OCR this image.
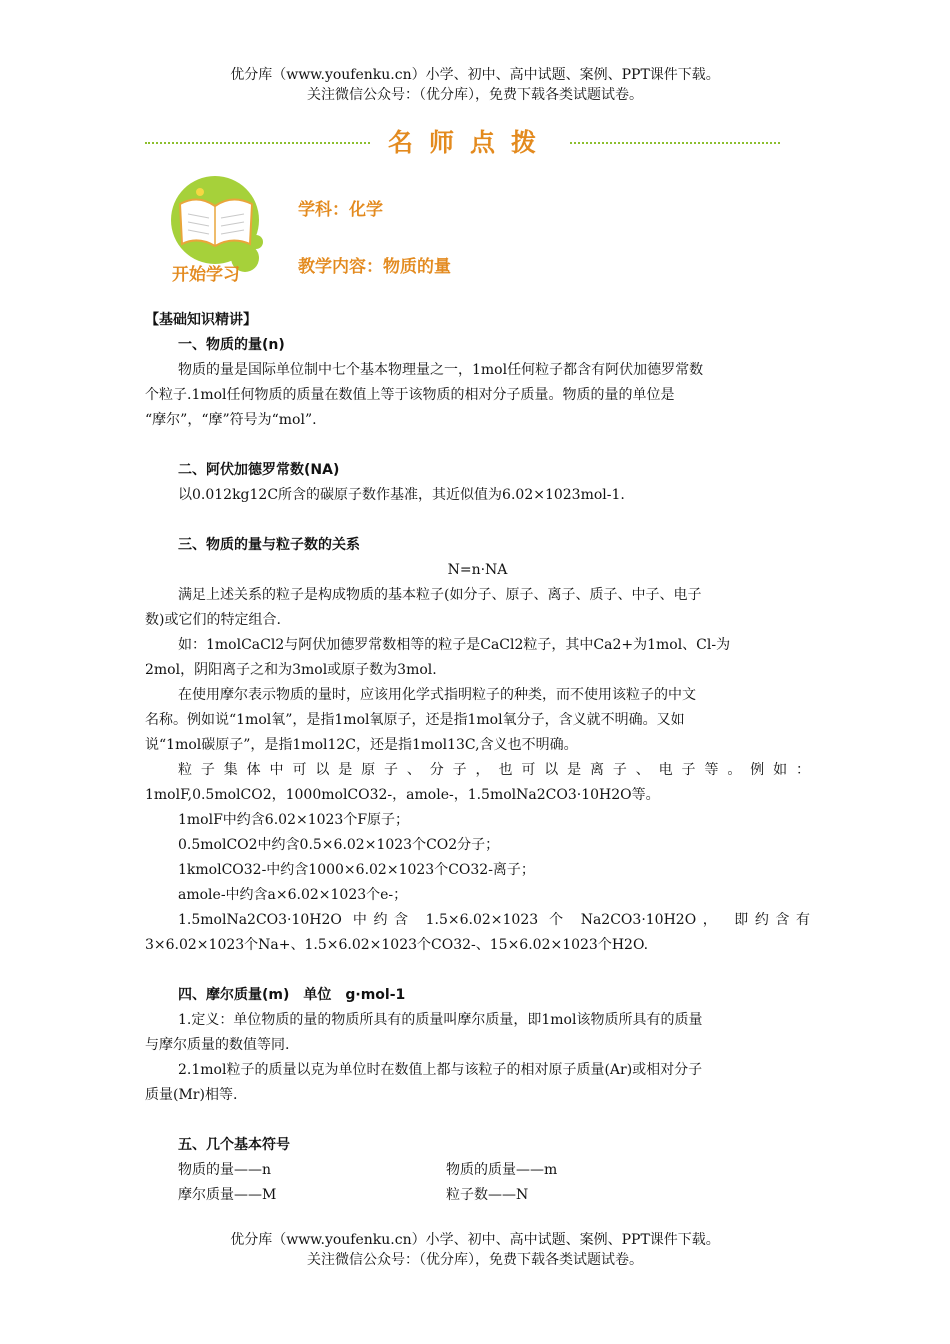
优分库（www.youfenku.cn）小学、初中、高中试题、案例、PPT课件下载。
关注微信公众号：（优分库），免费下载各类试题试卷。
名师点拨
开始学习
学科：化学
教学内容：物质的量

【基础知识精讲】

一、物质的量(n)

物质的量是国际单位制中七个基本物理量之一，1mol任何粒子都含有阿伏加德罗常数

个粒子.1mol任何物质的质量在数值上等于该物质的相对分子质量。物质的量的单位是

“摩尔”，“摩”符号为“mol”.

二、阿伏加德罗常数(NA)

以0.012kg12C所含的碳原子数作基准，其近似值为6.02×1023mol-1.

三、物质的量与粒子数的关系

N=n·NA

满足上述关系的粒子是构成物质的基本粒子(如分子、原子、离子、质子、中子、电子

数)或它们的特定组合.

如：1molCaCl2与阿伏加德罗常数相等的粒子是CaCl2粒子，其中Ca2+为1mol、Cl-为

2mol，阴阳离子之和为3mol或原子数为3mol.

在使用摩尔表示物质的量时，应该用化学式指明粒子的种类，而不使用该粒子的中文

名称。例如说“1mol氧”，是指1mol氧原子，还是指1mol氧分子，含义就不明确。又如

说“1mol碳原子”，是指1mol12C，还是指1mol13C,含义也不明确。

粒子集体中可以是原子、分子，也可以是离子、电子等。例如：

1molF,0.5molCO2，1000molCO32-，amole-，1.5molNa2CO3·10H2O等。

1molF中约含6.02×1023个F原子；

0.5molCO2中约含0.5×6.02×1023个CO2分子；

1kmolCO32-中约含1000×6.02×1023个CO32-离子；

amole-中约含a×6.02×1023个e-；

1.5molNa2CO3·10H2O 中约含 1.5×6.02×1023 个 Na2CO3·10H2O， 即约含有

3×6.02×1023个Na+、1.5×6.02×1023个CO32-、15×6.02×1023个H2O.

四、摩尔质量(m)　单位　g·mol-1

1.定义：单位物质的量的物质所具有的质量叫摩尔质量，即1mol该物质所具有的质量

与摩尔质量的数值等同.

2.1mol粒子的质量以克为单位时在数值上都与该粒子的相对原子质量(Ar)或相对分子

质量(Mr)相等.

五、几个基本符号

物质的量——n	物质的质量——m
摩尔质量——M	粒子数——N
优分库（www.youfenku.cn）小学、初中、高中试题、案例、PPT课件下载。
关注微信公众号：（优分库），免费下载各类试题试卷。
